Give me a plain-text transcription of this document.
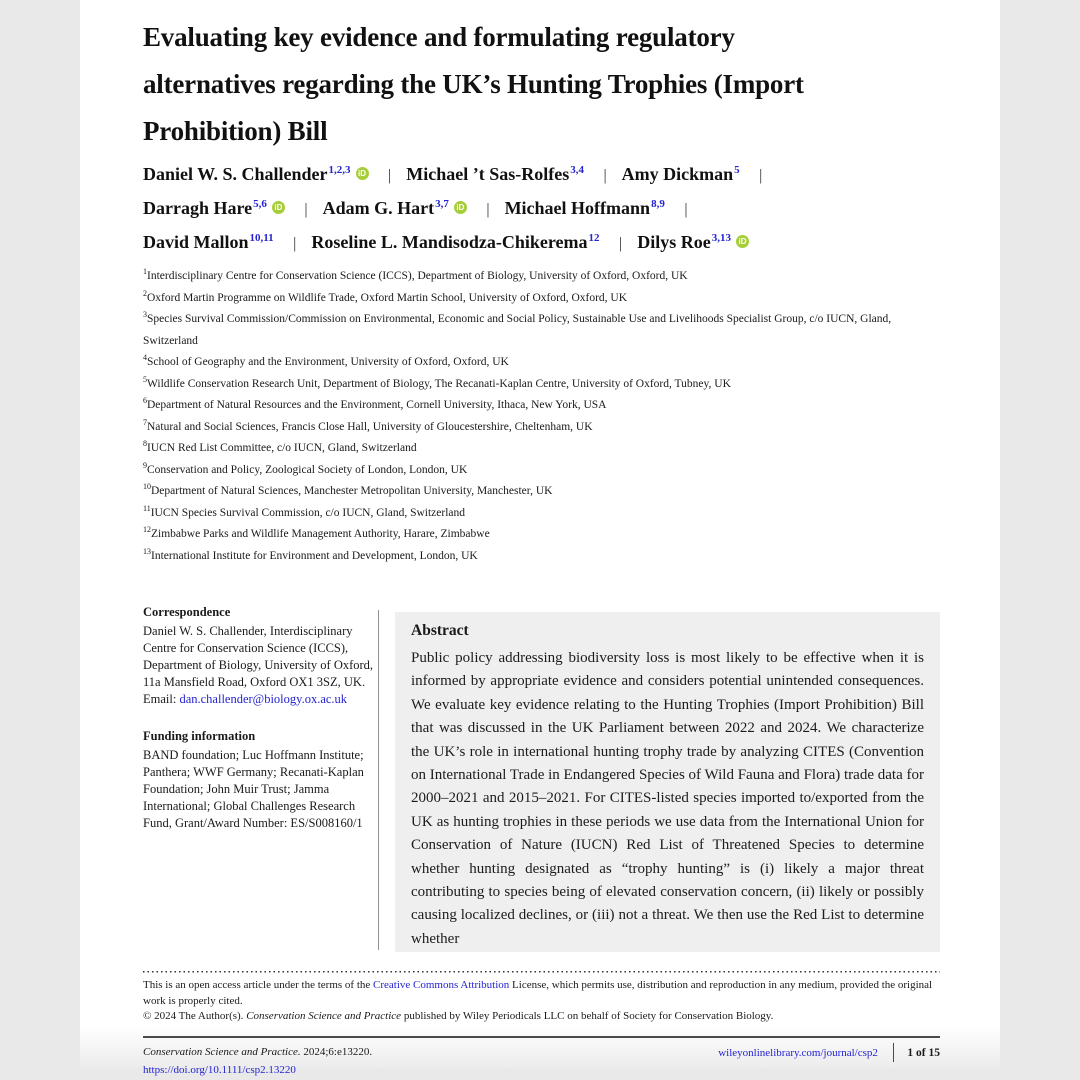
Evaluating key evidence and formulating regulatory alternatives regarding the UK’s Hunting Trophies (Import Prohibition) Bill
Daniel W. S. Challender$^{1,2,3}$ iD | Michael ’t Sas-Rolfes$^{3,4}$ | Amy Dickman$^5$ |
Darragh Hare$^{5,6}$ iD | Adam G. Hart$^{3,7}$ iD | Michael Hoffmann$^{8,9}$ |
David Mallon$^{10,11}$ | Roseline L. Mandisodza-Chikerema$^{12}$ | Dilys Roe$^{3,13}$ iD
$^1$Interdisciplinary Centre for Conservation Science (ICCS), Department of Biology, University of Oxford, Oxford, UK
$^2$Oxford Martin Programme on Wildlife Trade, Oxford Martin School, University of Oxford, Oxford, UK
$^3$Species Survival Commission/Commission on Environmental, Economic and Social Policy, Sustainable Use and Livelihoods Specialist Group, c/o IUCN, Gland, Switzerland
$^4$School of Geography and the Environment, University of Oxford, Oxford, UK
$^5$Wildlife Conservation Research Unit, Department of Biology, The Recanati-Kaplan Centre, University of Oxford, Tubney, UK
$^6$Department of Natural Resources and the Environment, Cornell University, Ithaca, New York, USA
$^7$Natural and Social Sciences, Francis Close Hall, University of Gloucestershire, Cheltenham, UK
$^8$IUCN Red List Committee, c/o IUCN, Gland, Switzerland
$^9$Conservation and Policy, Zoological Society of London, London, UK
$^{10}$Department of Natural Sciences, Manchester Metropolitan University, Manchester, UK
$^{11}$IUCN Species Survival Commission, c/o IUCN, Gland, Switzerland
$^{12}$Zimbabwe Parks and Wildlife Management Authority, Harare, Zimbabwe
$^{13}$International Institute for Environment and Development, London, UK
Correspondence
Daniel W. S. Challender, Interdisciplinary Centre for Conservation Science (ICCS), Department of Biology, University of Oxford, 11a Mansfield Road, Oxford OX1 3SZ, UK.
Email: dan.challender@biology.ox.ac.uk
Funding information
BAND foundation; Luc Hoffmann Institute; Panthera; WWF Germany; Recanati-Kaplan Foundation; John Muir Trust; Jamma International; Global Challenges Research Fund, Grant/Award Number: ES/S008160/1
Abstract
Public policy addressing biodiversity loss is most likely to be effective when it is informed by appropriate evidence and considers potential unintended consequences. We evaluate key evidence relating to the Hunting Trophies (Import Prohibition) Bill that was discussed in the UK Parliament between 2022 and 2024. We characterize the UK’s role in international hunting trophy trade by analyzing CITES (Convention on International Trade in Endangered Species of Wild Fauna and Flora) trade data for 2000–2021 and 2015–2021. For CITES-listed species imported to/exported from the UK as hunting trophies in these periods we use data from the International Union for Conservation of Nature (IUCN) Red List of Threatened Species to determine whether hunting designated as “trophy hunting” is (i) likely a major threat contributing to species being of elevated conservation concern, (ii) likely or possibly causing localized declines, or (iii) not a threat. We then use the Red List to determine whether
This is an open access article under the terms of the Creative Commons Attribution License, which permits use, distribution and reproduction in any medium, provided the original work is properly cited.
© 2024 The Author(s). Conservation Science and Practice published by Wiley Periodicals LLC on behalf of Society for Conservation Biology.
Conservation Science and Practice. 2024;6:e13220.
https://doi.org/10.1111/csp2.13220
wileyonlinelibrary.com/journal/csp2	1 of 15
